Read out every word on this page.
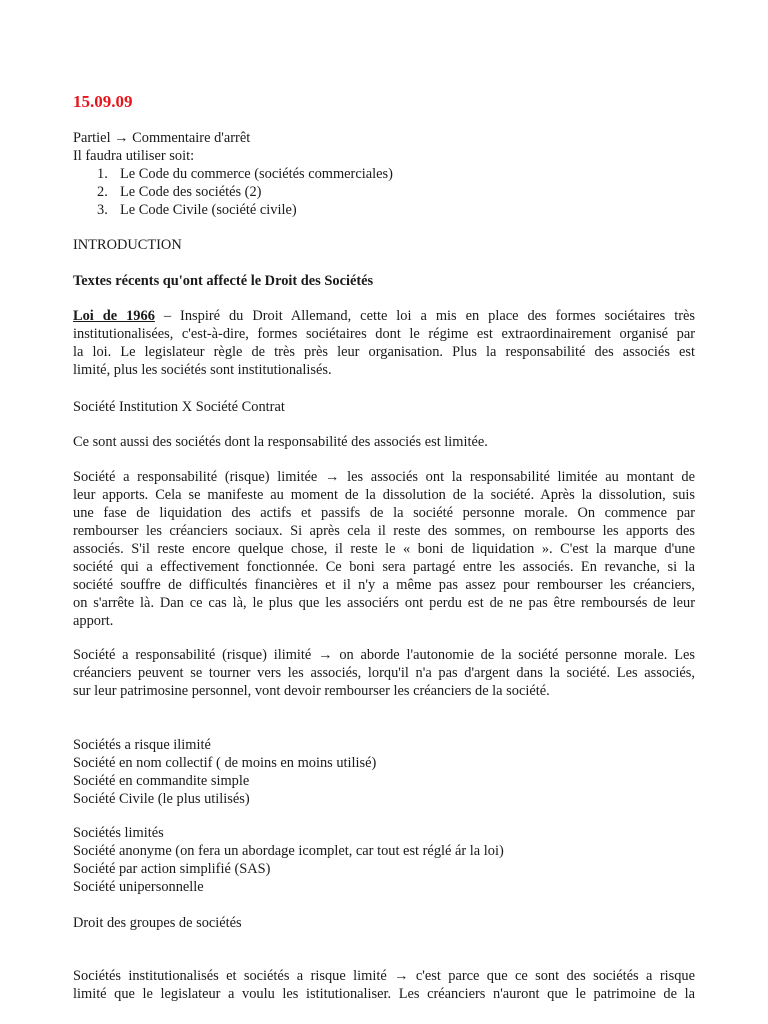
15.09.09
Partiel → Commentaire d'arrêt
Il faudra utiliser soit:
1. Le Code du commerce (sociétés commerciales)
2. Le Code des sociétés (2)
3. Le Code Civile (société civile)
INTRODUCTION
Textes récents qu'ont affecté le Droit des Sociétés
Loi de 1966 – Inspiré du Droit Allemand, cette loi a mis en place des formes sociétaires très
institutionalisées, c'est-à-dire, formes sociétaires dont le régime est extraordinairement organisé par
la loi. Le legislateur règle de très près leur organisation. Plus la responsabilité des associés est
limité, plus les sociétés sont institutionalisés.
Société Institution X Société Contrat
Ce sont aussi des sociétés dont la responsabilité des associés est limitée.
Société a responsabilité (risque) limitée → les associés ont la responsabilité limitée au montant de
leur apports. Cela se manifeste au moment de la dissolution de la société. Après la dissolution, suis
une fase de liquidation des actifs et passifs de la société personne morale. On commence par
rembourser les créanciers sociaux. Si après cela il reste des sommes, on rembourse les apports des
associés. S'il reste encore quelque chose, il reste le « boni de liquidation ». C'est la marque d'une
société qui a effectivement fonctionnée. Ce boni sera partagé entre les associés. En revanche, si la
société souffre de difficultés financières et il n'y a même pas assez pour rembourser les créanciers,
on s'arrête là. Dan ce cas là, le plus que les associérs ont perdu est de ne pas être remboursés de leur
apport.
Société a responsabilité (risque) ilimité → on aborde l'autonomie de la société personne morale. Les
créanciers peuvent se tourner vers les associés, lorqu'il n'a pas d'argent dans la société. Les associés,
sur leur patrimosine personnel, vont devoir rembourser les créanciers de la société.
Sociétés a risque ilimité
Société en nom collectif ( de moins en moins utilisé)
Société en commandite simple
Société Civile (le plus utilisés)
Sociétés limités
Société anonyme (on fera un abordage icomplet, car tout est réglé ár la loi)
Société par action simplifié (SAS)
Société unipersonnelle
Droit des groupes de sociétés
Sociétés institutionalisés et sociétés a risque limité → c'est parce que ce sont des sociétés a risque
limité que le legislateur a voulu les istitutionaliser. Les créanciers n'auront que le patrimoine de la
